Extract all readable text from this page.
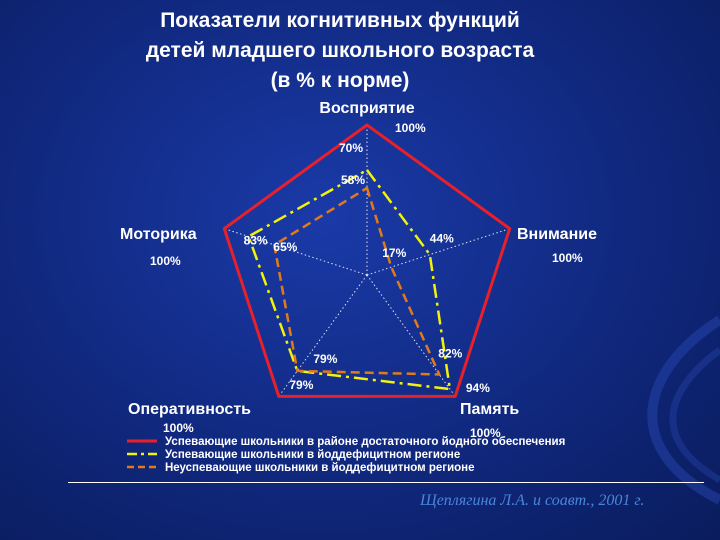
Показатели когнитивных функций
детей младшего школьного возраста
(в % к норме)
Восприятие
100%
Внимание
100%
Память
100%
Оперативность
100%
Моторика
100%
70%
44%
94%
79%
83%
58%
17%
82%
79%
65%
Успевающие школьники в районе достаточного йодного обеспечения
Успевающие школьники в йоддефицитном регионе
Неуспевающие школьники в йоддефицитном регионе
Щеплягина Л.А. и соавт., 2001 г.
